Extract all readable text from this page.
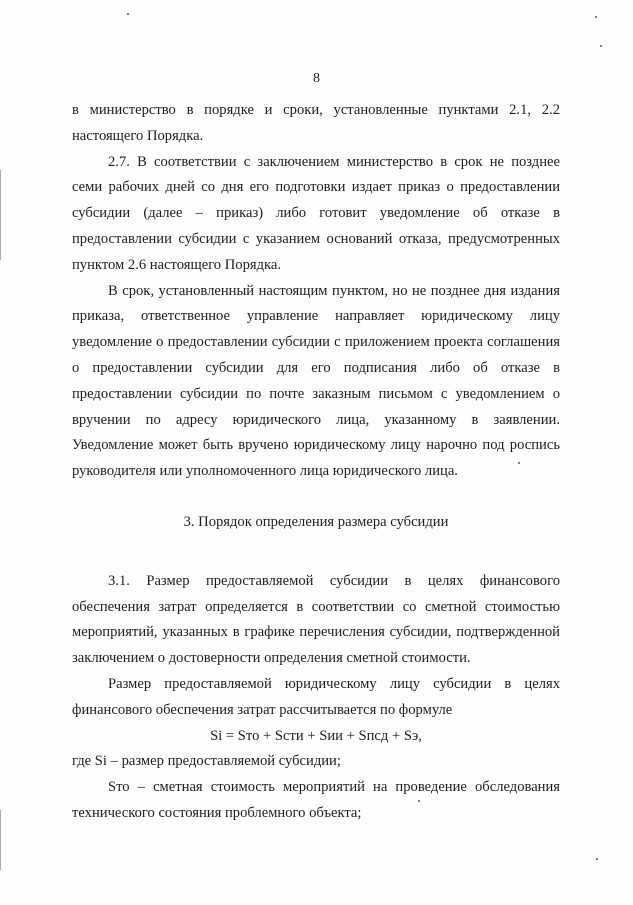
8

в министерство в порядке и сроки, установленные пунктами 2.1, 2.2 настоящего Порядка.

2.7. В соответствии с заключением министерство в срок не позднее семи рабочих дней со дня его подготовки издает приказ о предоставлении субсидии (далее – приказ) либо готовит уведомление об отказе в предоставлении субсидии с указанием оснований отказа, предусмотренных пунктом 2.6 настоящего Порядка.

В срок, установленный настоящим пунктом, но не позднее дня издания приказа, ответственное управление направляет юридическому лицу уведомление о предоставлении субсидии с приложением проекта соглашения о предоставлении субсидии для его подписания либо об отказе в предоставлении субсидии по почте заказным письмом с уведомлением о вручении по адресу юридического лица, указанному в заявлении. Уведомление может быть вручено юридическому лицу нарочно под роспись руководителя или уполномоченного лица юридического лица.

3. Порядок определения размера субсидии

3.1. Размер предоставляемой субсидии в целях финансового обеспечения затрат определяется в соответствии со сметной стоимостью мероприятий, указанных в графике перечисления субсидии, подтвержденной заключением о достоверности определения сметной стоимости.

Размер предоставляемой юридическому лицу субсидии в целях финансового обеспечения затрат рассчитывается по формуле

Si = Sто + Sсти + Sии + Sпсд + Sэ,

где Si – размер предоставляемой субсидии;

Sто – сметная стоимость мероприятий на проведение обследования технического состояния проблемного объекта;
